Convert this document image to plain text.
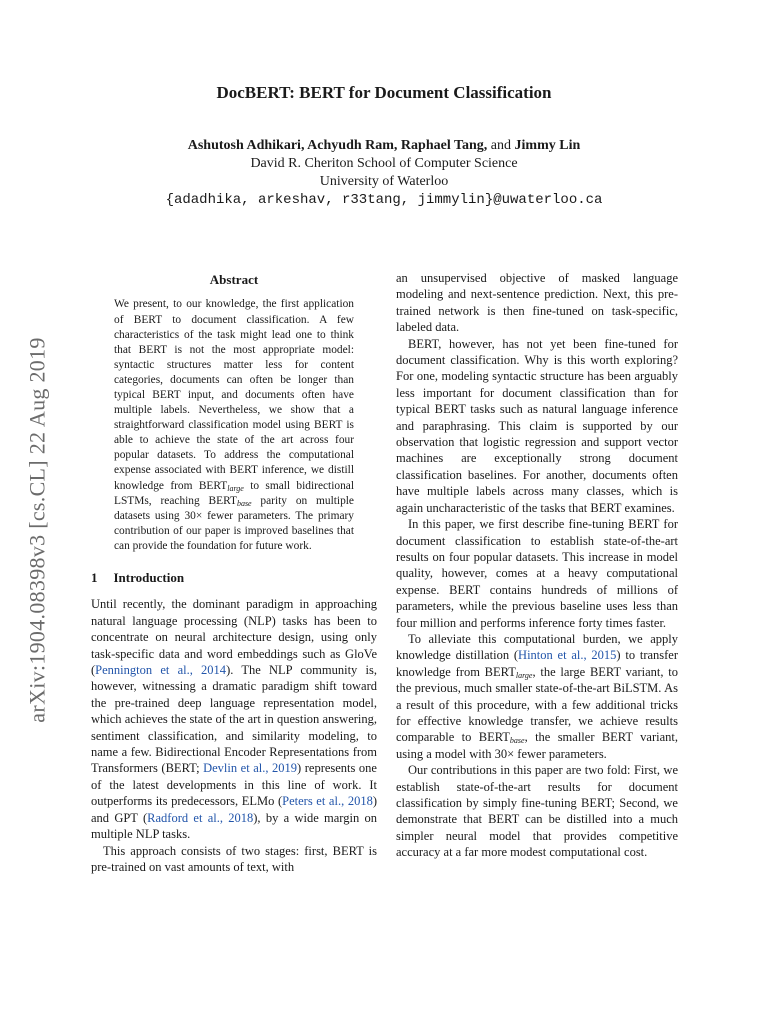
arXiv:1904.08398v3 [cs.CL] 22 Aug 2019
DocBERT: BERT for Document Classification
Ashutosh Adhikari, Achyudh Ram, Raphael Tang, and Jimmy Lin
David R. Cheriton School of Computer Science
University of Waterloo
{adadhika, arkeshav, r33tang, jimmylin}@uwaterloo.ca
Abstract

We present, to our knowledge, the first application of BERT to document classification. A few characteristics of the task might lead one to think that BERT is not the most appropriate model: syntactic structures matter less for content categories, documents can often be longer than typical BERT input, and documents often have multiple labels. Nevertheless, we show that a straightforward classification model using BERT is able to achieve the state of the art across four popular datasets. To address the computational expense associated with BERT inference, we distill knowledge from $BERT_{large}$ to small bidirectional LSTMs, reaching $BERT_{base}$ parity on multiple datasets using 30× fewer parameters. The primary contribution of our paper is improved baselines that can provide the foundation for future work.

1 Introduction

Until recently, the dominant paradigm in approaching natural language processing (NLP) tasks has been to concentrate on neural architecture design, using only task-specific data and word embeddings such as GloVe (Pennington et al., 2014). The NLP community is, however, witnessing a dramatic paradigm shift toward the pre-trained deep language representation model, which achieves the state of the art in question answering, sentiment classification, and similarity modeling, to name a few. Bidirectional Encoder Representations from Transformers (BERT; Devlin et al., 2019) represents one of the latest developments in this line of work. It outperforms its predecessors, ELMo (Peters et al., 2018) and GPT (Radford et al., 2018), by a wide margin on multiple NLP tasks.

This approach consists of two stages: first, BERT is pre-trained on vast amounts of text, with

an unsupervised objective of masked language modeling and next-sentence prediction. Next, this pre-trained network is then fine-tuned on task-specific, labeled data.

BERT, however, has not yet been fine-tuned for document classification. Why is this worth exploring? For one, modeling syntactic structure has been arguably less important for document classification than for typical BERT tasks such as natural language inference and paraphrasing. This claim is supported by our observation that logistic regression and support vector machines are exceptionally strong document classification baselines. For another, documents often have multiple labels across many classes, which is again uncharacteristic of the tasks that BERT examines.

In this paper, we first describe fine-tuning BERT for document classification to establish state-of-the-art results on four popular datasets. This increase in model quality, however, comes at a heavy computational expense. BERT contains hundreds of millions of parameters, while the previous baseline uses less than four million and performs inference forty times faster.

To alleviate this computational burden, we apply knowledge distillation (Hinton et al., 2015) to transfer knowledge from $BERT_{large}$, the large BERT variant, to the previous, much smaller state-of-the-art BiLSTM. As a result of this procedure, with a few additional tricks for effective knowledge transfer, we achieve results comparable to $BERT_{base}$, the smaller BERT variant, using a model with 30× fewer parameters.

Our contributions in this paper are two fold: First, we establish state-of-the-art results for document classification by simply fine-tuning BERT; Second, we demonstrate that BERT can be distilled into a much simpler neural model that provides competitive accuracy at a far more modest computational cost.
